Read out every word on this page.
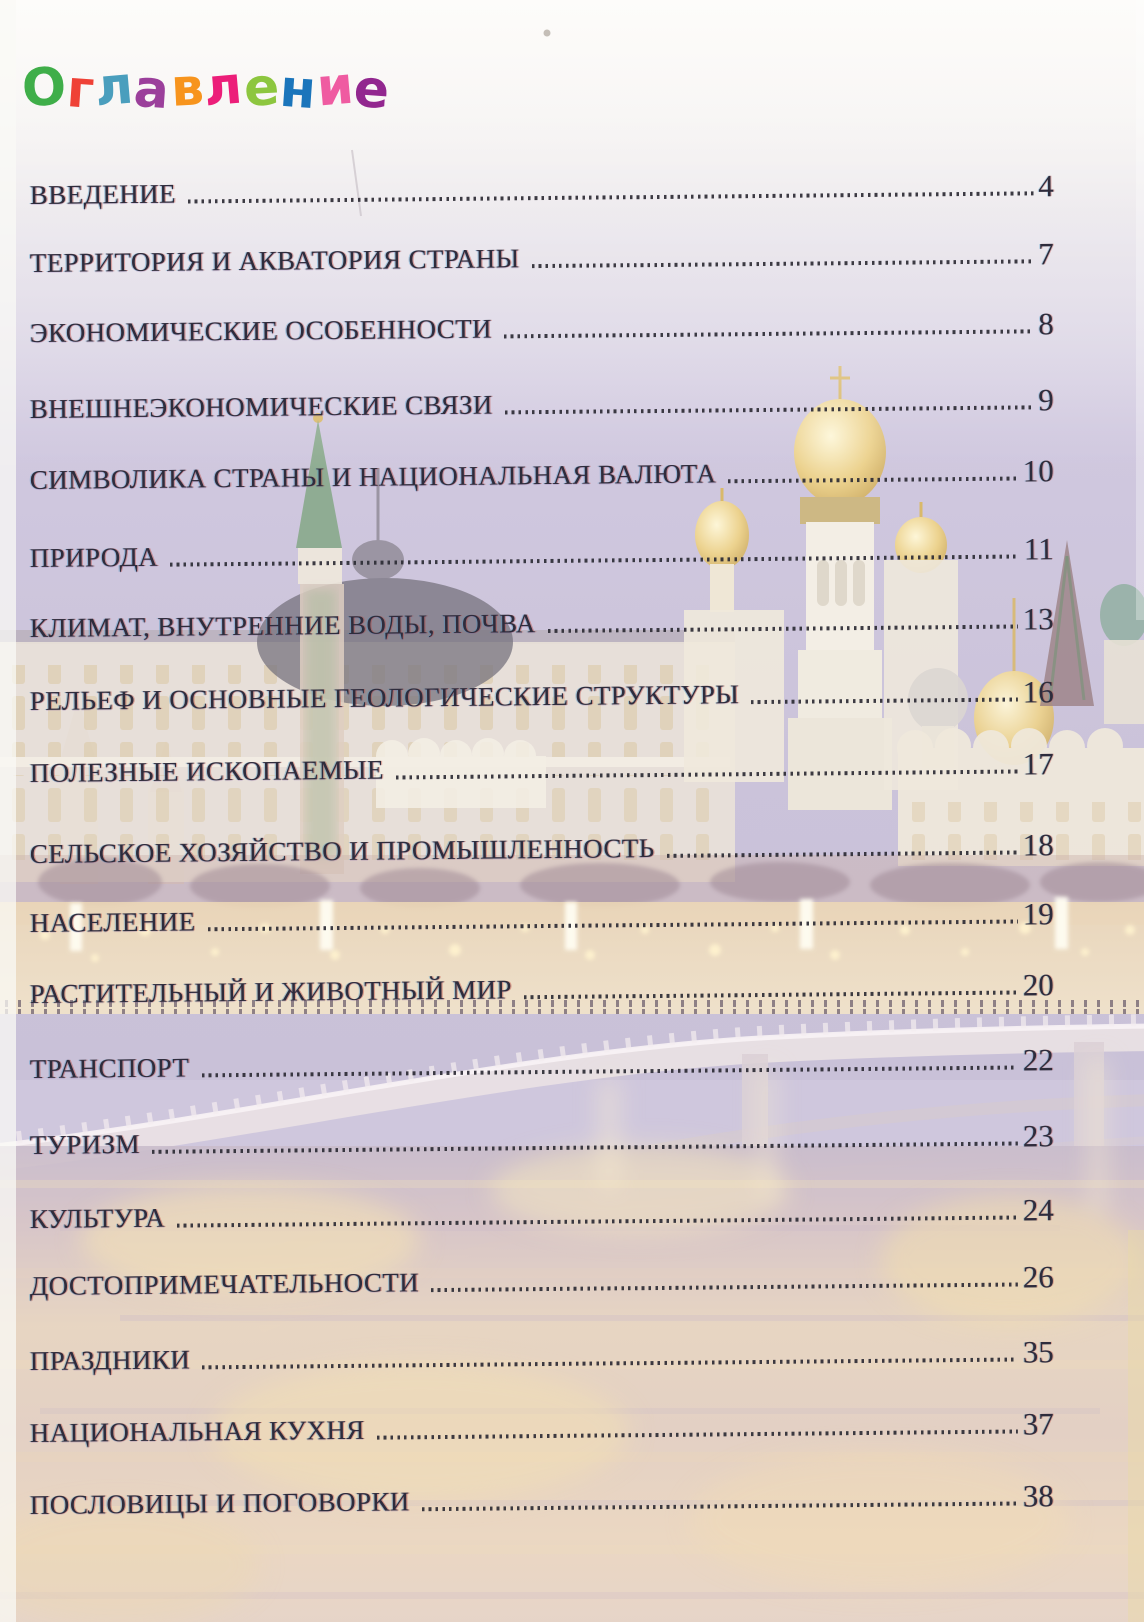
Оглавление
ВВЕДЕНИЕ	4
ТЕРРИТОРИЯ И АКВАТОРИЯ СТРАНЫ	7
ЭКОНОМИЧЕСКИЕ ОСОБЕННОСТИ	8
ВНЕШНЕЭКОНОМИЧЕСКИЕ СВЯЗИ	9
СИМВОЛИКА СТРАНЫ И НАЦИОНАЛЬНАЯ ВАЛЮТА	10
ПРИРОДА	11
КЛИМАТ, ВНУТРЕННИЕ ВОДЫ, ПОЧВА	13
РЕЛЬЕФ И ОСНОВНЫЕ ГЕОЛОГИЧЕСКИЕ СТРУКТУРЫ	16
ПОЛЕЗНЫЕ ИСКОПАЕМЫЕ	17
СЕЛЬСКОЕ ХОЗЯЙСТВО И ПРОМЫШЛЕННОСТЬ	18
НАСЕЛЕНИЕ	19
РАСТИТЕЛЬНЫЙ И ЖИВОТНЫЙ МИР	20
ТРАНСПОРТ	22
ТУРИЗМ	23
КУЛЬТУРА	24
ДОСТОПРИМЕЧАТЕЛЬНОСТИ	26
ПРАЗДНИКИ	35
НАЦИОНАЛЬНАЯ КУХНЯ	37
ПОСЛОВИЦЫ И ПОГОВОРКИ	38
